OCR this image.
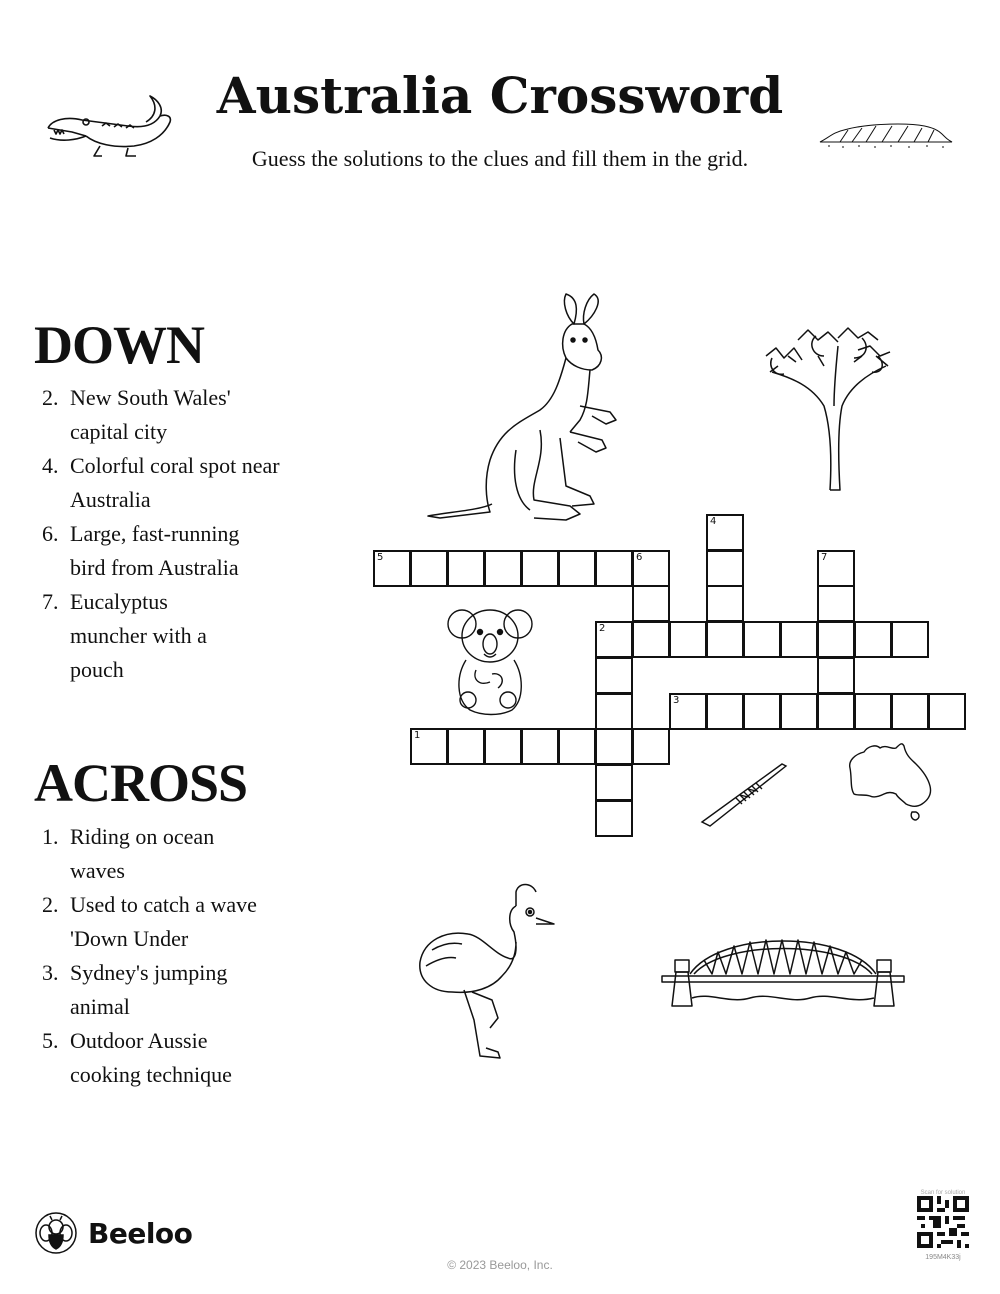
Australia Crossword
Guess the solutions to the clues and fill them in the grid.
DOWN
2. New South Wales' capital city
4. Colorful coral spot near Australia
6. Large, fast-running bird from Australia
7. Eucalyptus muncher with a pouch
ACROSS
1. Riding on ocean waves
2. Used to catch a wave 'Down Under
3. Sydney's jumping animal
5. Outdoor Aussie cooking technique
1
2
3
5	6
4
7
Beeloo
© 2023 Beeloo, Inc.
Scan for solution
195M4K33j
